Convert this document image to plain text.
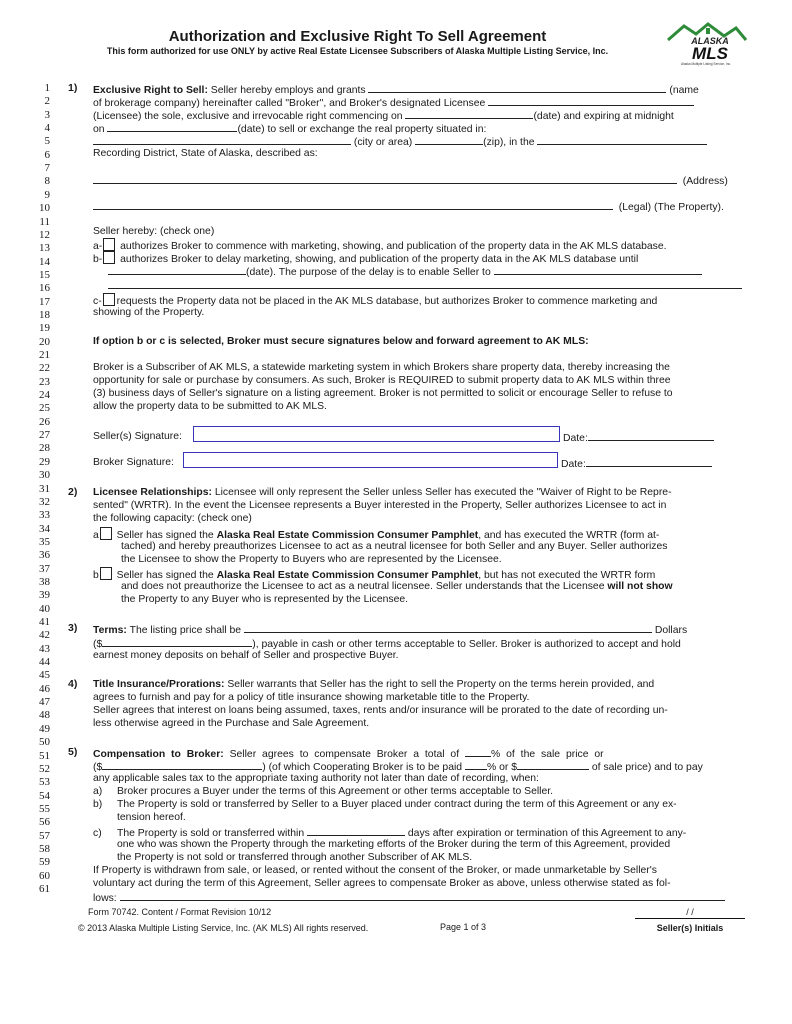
Authorization and Exclusive Right To Sell Agreement
This form authorized for use ONLY by active Real Estate Licensee Subscribers of Alaska Multiple Listing Service, Inc.
ALASKA
MLS
Alaska Multiple Listing Service, Inc.
1
2
3
4
5
6
7
8
9
10
11
12
13
14
15
16
17
18
19
20
21
22
23
24
25
26
27
28
29
30
31
32
33
34
35
36
37
38
39
40
41
42
43
44
45
46
47
48
49
50
51
52
53
54
55
56
57
58
59
60
61
1) Exclusive Right to Sell: Seller hereby employs and grants	(name
of brokerage company) hereinafter called "Broker", and Broker's designated Licensee
(Licensee) the sole, exclusive and irrevocable right commencing on	(date) and expiring at midnight
on	(date) to sell or exchange the real property situated in:
(city or area)	(zip), in the
Recording District, State of Alaska, described as:
(Address)
(Legal) (The Property).
Seller hereby: (check one)
a- authorizes Broker to commence with marketing, showing, and publication of the property data in the AK MLS database.
b- authorizes Broker to delay marketing, showing, and publication of the property data in the AK MLS database until
(date). The purpose of the delay is to enable Seller to
c- requests the Property data not be placed in the AK MLS database, but authorizes Broker to commence marketing and
showing of the Property.
If option b or c is selected, Broker must secure signatures below and forward agreement to AK MLS:
Broker is a Subscriber of AK MLS, a statewide marketing system in which Brokers share property data, thereby increasing the
opportunity for sale or purchase by consumers. As such, Broker is REQUIRED to submit property data to AK MLS within three
(3) business days of Seller's signature on a listing agreement. Broker is not permitted to solicit or encourage Seller to refuse to
allow the property data to be submitted to AK MLS.
Seller(s) Signature:	Date:
Broker Signature:	Date:
2) Licensee Relationships: Licensee will only represent the Seller unless Seller has executed the "Waiver of Right to be Repre-
sented" (WRTR). In the event the Licensee represents a Buyer interested in the Property, Seller authorizes Licensee to act in
the following capacity: (check one)
a Seller has signed the Alaska Real Estate Commission Consumer Pamphlet, and has executed the WRTR (form at-
tached) and hereby preauthorizes Licensee to act as a neutral licensee for both Seller and any Buyer. Seller authorizes
the Licensee to show the Property to Buyers who are represented by the Licensee.
b Seller has signed the Alaska Real Estate Commission Consumer Pamphlet, but has not executed the WRTR form
and does not preauthorize the Licensee to act as a neutral licensee. Seller understands that the Licensee will not show
the Property to any Buyer who is represented by the Licensee.
3) Terms: The listing price shall be	Dollars
($	), payable in cash or other terms acceptable to Seller. Broker is authorized to accept and hold
earnest money deposits on behalf of Seller and prospective Buyer.
4) Title Insurance/Prorations: Seller warrants that Seller has the right to sell the Property on the terms herein provided, and
agrees to furnish and pay for a policy of title insurance showing marketable title to the Property.
Seller agrees that interest on loans being assumed, taxes, rents and/or insurance will be prorated to the date of recording un-
less otherwise agreed in the Purchase and Sale Agreement.
5) Compensation to Broker: Seller agrees to compensate Broker a total of	% of the sale price or
($	) (of which Cooperating Broker is to be paid % or $	of sale price) and to pay
any applicable sales tax to the appropriate taxing authority not later than date of recording, when:
a) Broker procures a Buyer under the terms of this Agreement or other terms acceptable to Seller.
b) The Property is sold or transferred by Seller to a Buyer placed under contract during the term of this Agreement or any ex-
tension hereof.
c) The Property is sold or transferred within	days after expiration or termination of this Agreement to any-
one who was shown the Property through the marketing efforts of the Broker during the term of this Agreement, provided
the Property is not sold or transferred through another Subscriber of AK MLS.
If Property is withdrawn from sale, or leased, or rented without the consent of the Broker, or made unmarketable by Seller's
voluntary act during the term of this Agreement, Seller agrees to compensate Broker as above, unless otherwise stated as fol-
lows:
Form 70742. Content / Format Revision 10/12
© 2013 Alaska Multiple Listing Service, Inc. (AK MLS) All rights reserved.	Page 1 of 3
/ /
Seller(s) Initials
